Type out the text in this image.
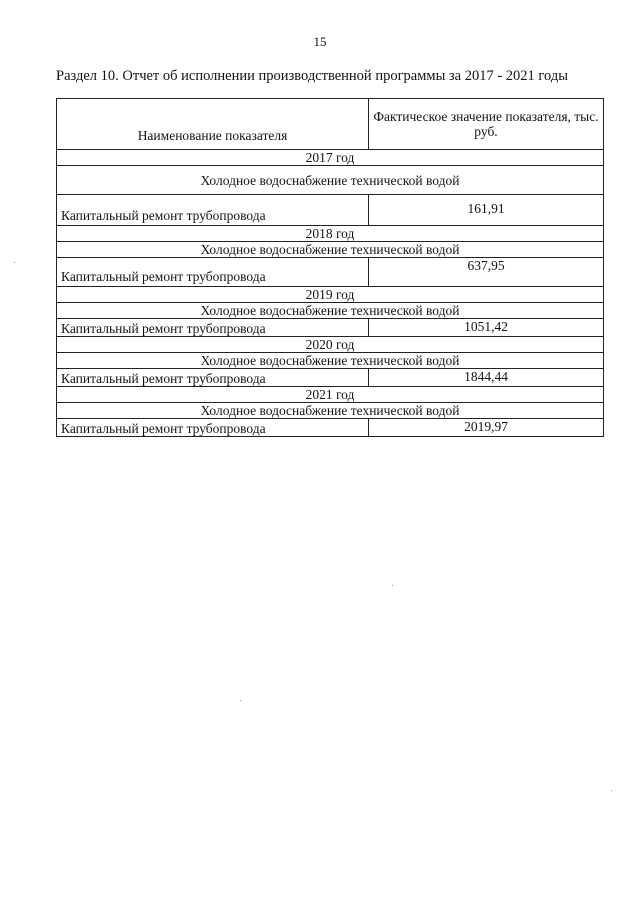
15
Раздел 10. Отчет об исполнении производственной программы за 2017 - 2021 годы
Наименование показателя	Фактическое значение показателя, тыс. руб.
2017 год	
Холодное водоснабжение технической водой	
Капитальный ремонт трубопровода	161,91
2018 год	
Холодное водоснабжение технической водой	
Капитальный ремонт трубопровода	637,95
2019 год	
Холодное водоснабжение технической водой	
Капитальный ремонт трубопровода	1051,42
2020 год	
Холодное водоснабжение технической водой	
Капитальный ремонт трубопровода	1844,44
2021 год	
Холодное водоснабжение технической водой	
Капитальный ремонт трубопровода	2019,97
